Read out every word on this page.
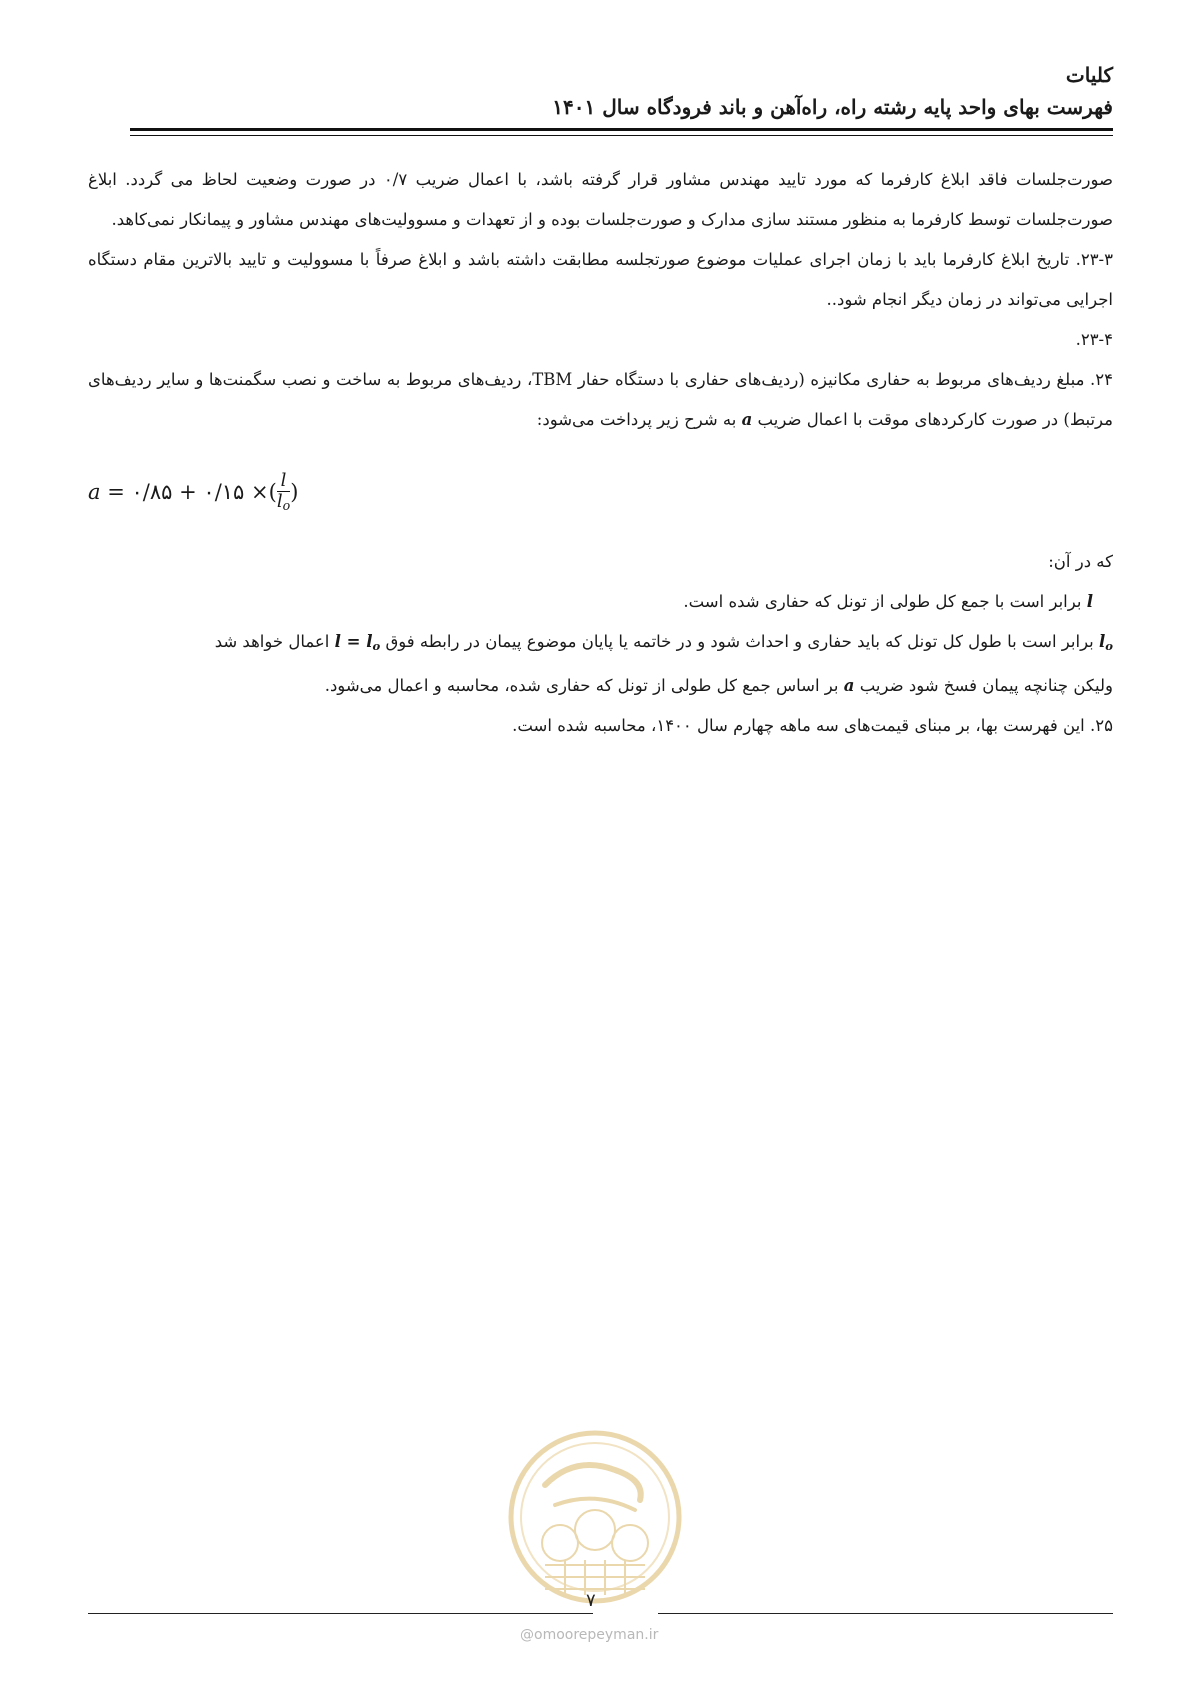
کلیات
فهرست بهای واحد پایه رشته راه، راه‌آهن و باند فرودگاه سال ۱۴۰۱

صورت‌جلسات فاقد ابلاغ کارفرما که مورد تایید مهندس مشاور قرار گرفته باشد، با اعمال ضریب ۰/۷ در صورت وضعیت لحاظ می گردد. ابلاغ صورت‌جلسات توسط کارفرما به منظور مستند سازی مدارک و صورت‌جلسات بوده و از تعهدات و مسوولیت‌های مهندس مشاور و پیمانکار نمی‌کاهد.

۲۳-۳. تاریخ ابلاغ کارفرما باید با زمان اجرای عملیات موضوع صورتجلسه مطابقت داشته باشد و ابلاغ صرفاً با مسوولیت و تایید بالاترین مقام دستگاه اجرایی می‌تواند در زمان دیگر انجام شود..

۲۳-۴.

۲۴. مبلغ ردیف‌های مربوط به حفاری مکانیزه (ردیف‌های حفاری با دستگاه حفار TBM، ردیف‌های مربوط به ساخت و نصب سگمنت‌ها و سایر ردیف‌های مرتبط) در صورت کارکردهای موقت با اعمال ضریب a به شرح زیر پرداخت می‌شود:

a = ۰/۸۵ + ۰/۱۵ ×( $\frac{l}{l_o}$ )

که در آن:

l برابر است با جمع کل طولی از تونل که حفاری شده است.

$l_o$ برابر است با طول کل تونل که باید حفاری و احداث شود و در خاتمه یا پایان موضوع پیمان در رابطه فوق $l = l_o$ اعمال خواهد شد

ولیکن چنانچه پیمان فسخ شود ضریب a بر اساس جمع کل طولی از تونل که حفاری شده، محاسبه و اعمال می‌شود.

۲۵. این فهرست بها، بر مبنای قیمت‌های سه ماهه چهارم سال ۱۴۰۰، محاسبه شده است.

۷
@omoorepeyman.ir
